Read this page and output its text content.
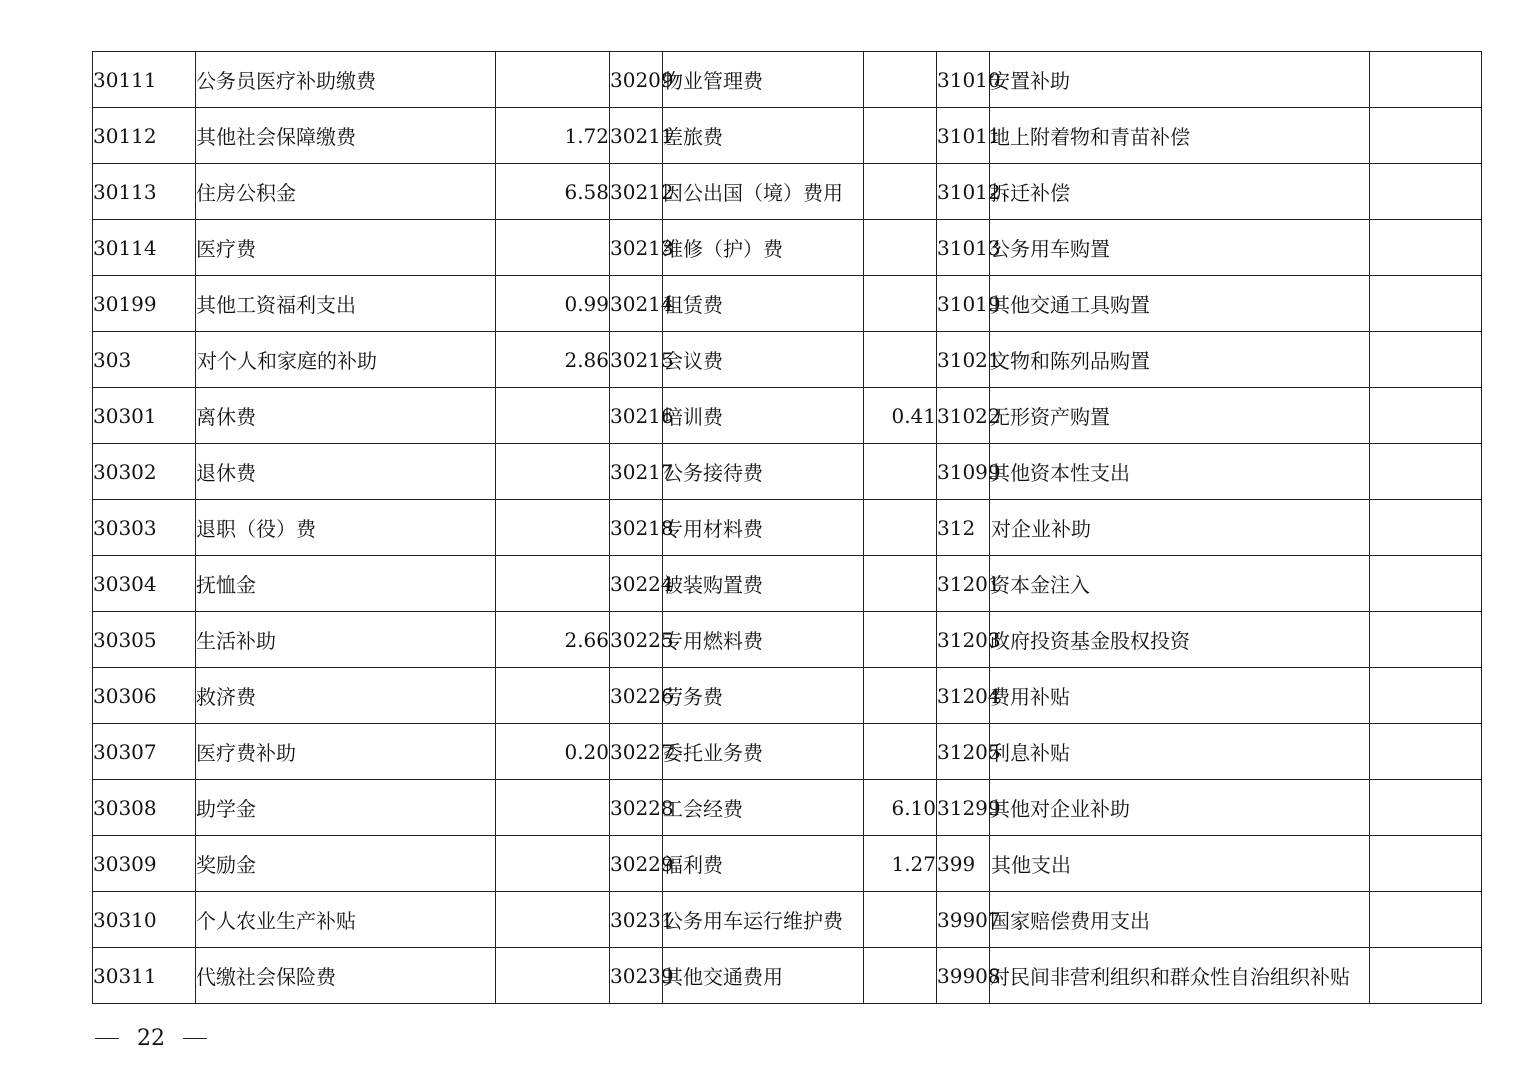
30111	公务员医疗补助缴费		30209	物业管理费		31010	安置补助	
30112	其他社会保障缴费	1.72	30211	差旅费		31011	地上附着物和青苗补偿	
30113	住房公积金	6.58	30212	因公出国（境）费用		31012	拆迁补偿	
30114	医疗费		30213	维修（护）费		31013	公务用车购置	
30199	其他工资福利支出	0.99	30214	租赁费		31019	其他交通工具购置	
303	对个人和家庭的补助	2.86	30215	会议费		31021	文物和陈列品购置	
30301	离休费		30216	培训费	0.41	31022	无形资产购置	
30302	退休费		30217	公务接待费		31099	其他资本性支出	
30303	退职（役）费		30218	专用材料费		312	对企业补助	
30304	抚恤金		30224	被装购置费		31201	资本金注入	
30305	生活补助	2.66	30225	专用燃料费		31203	政府投资基金股权投资	
30306	救济费		30226	劳务费		31204	费用补贴	
30307	医疗费补助	0.20	30227	委托业务费		31205	利息补贴	
30308	助学金		30228	工会经费	6.10	31299	其他对企业补助	
30309	奖励金		30229	福利费	1.27	399	其他支出	
30310	个人农业生产补贴		30231	公务用车运行维护费		39907	国家赔偿费用支出	
30311	代缴社会保险费		30239	其他交通费用		39908	对民间非营利组织和群众性自治组织补贴	
22
